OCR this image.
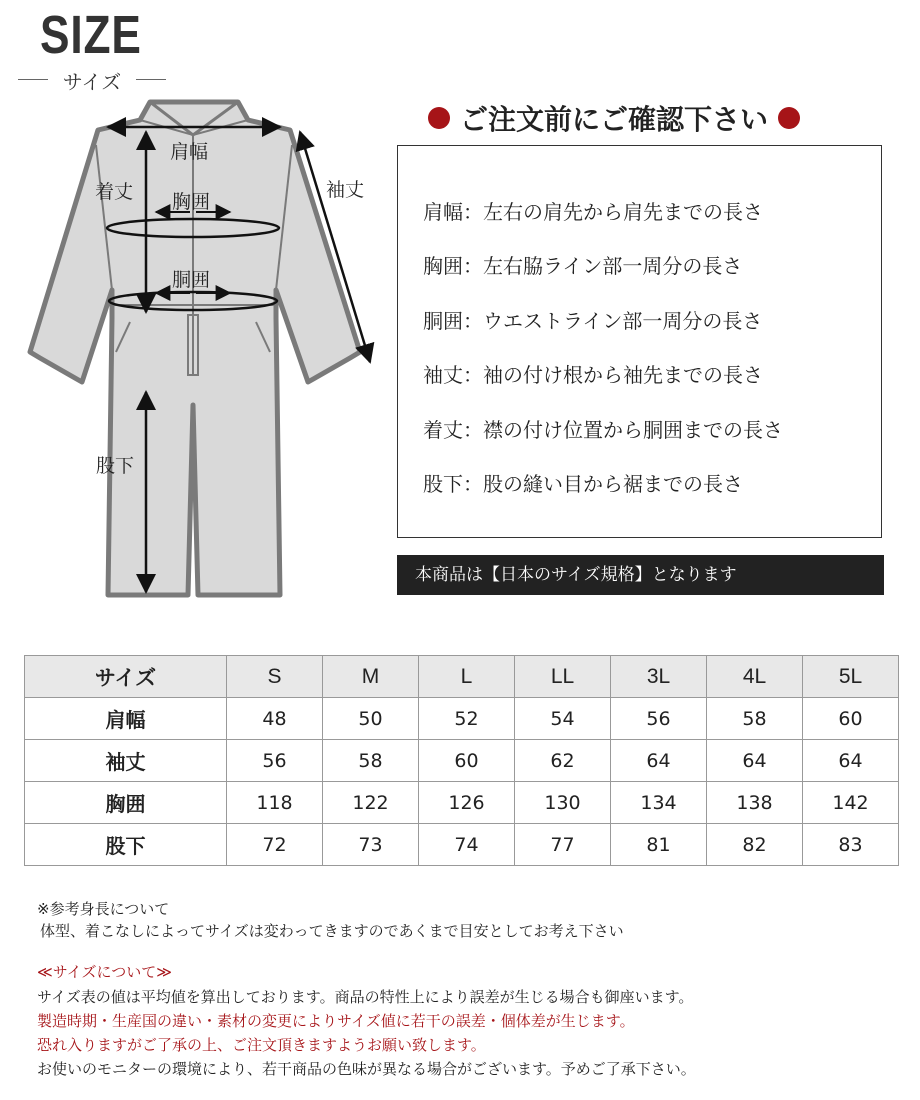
SIZE
サイズ
肩幅
着丈 胸囲
胴囲
袖丈
股下
ご注文前にご確認下さい
肩幅：左右の肩先から肩先までの長さ
胸囲：左右脇ライン部一周分の長さ
胴囲：ウエストライン部一周分の長さ
袖丈：袖の付け根から袖先までの長さ
着丈：襟の付け位置から胴囲までの長さ
股下：股の縫い目から裾までの長さ
本商品は【日本のサイズ規格】となります
サイズ	S	M	L	LL	3L	4L	5L
肩幅	48	50	52	54	56	58	60
袖丈	56	58	60	62	64	64	64
胸囲	118	122	126	130	134	138	142
股下	72	73	74	77	81	82	83
※参考身長について
体型、着こなしによってサイズは変わってきますのであくまで目安としてお考え下さい
≪サイズについて≫
サイズ表の値は平均値を算出しております。商品の特性上により誤差が生じる場合も御座います。
製造時期・生産国の違い・素材の変更によりサイズ値に若干の誤差・個体差が生じます。
恐れ入りますがご了承の上、ご注文頂きますようお願い致します。
お使いのモニターの環境により、若干商品の色味が異なる場合がございます。予めご了承下さい。
